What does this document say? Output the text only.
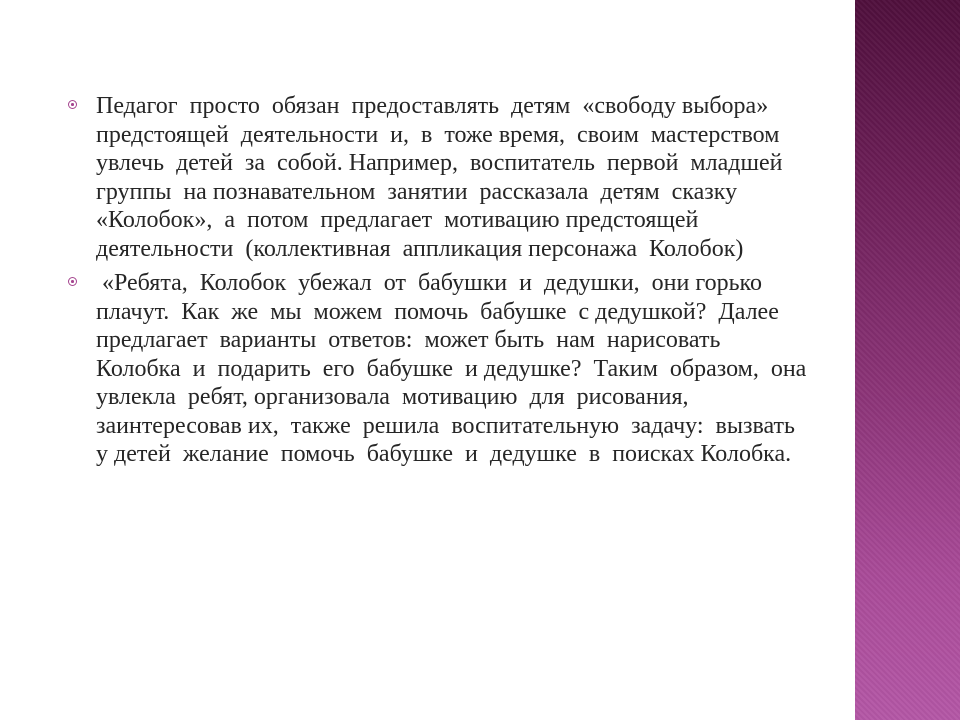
Педагог  просто  обязан  предоставлять  детям  «свободу выбора»  предстоящей  деятельности  и,  в  тоже время,  своим  мастерством  увлечь  детей  за  собой. Например,  воспитатель  первой  младшей  группы  на познавательном  занятии  рассказала  детям  сказку «Колобок»,  а  потом  предлагает  мотивацию предстоящей  деятельности  (коллективная  аппликация персонажа  Колобок)

«Ребята,  Колобок  убежал  от  бабушки  и  дедушки,  они горько  плачут.  Как  же  мы  можем  помочь  бабушке  с дедушкой?  Далее  предлагает  варианты  ответов:  может быть  нам  нарисовать  Колобка  и  подарить  его  бабушке  и дедушке?  Таким  образом,  она  увлекла  ребят, организовала  мотивацию  для  рисования,  заинтересовав их,  также  решила  воспитательную  задачу:  вызвать  у детей  желание  помочь  бабушке  и  дедушке  в  поисках Колобка.
